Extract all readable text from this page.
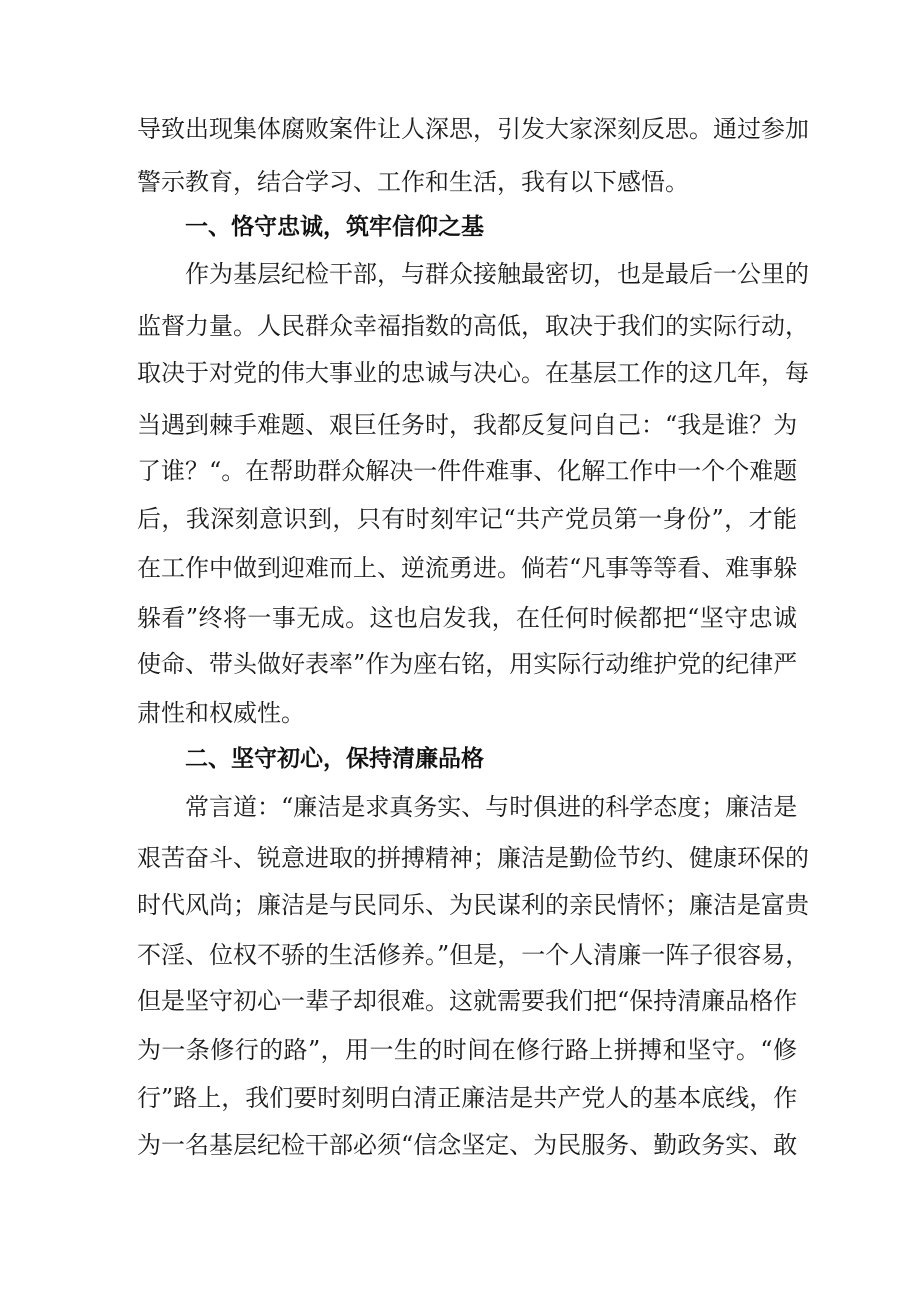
导致出现集体腐败案件让人深思，引发大家深刻反思。通过参加
警示教育，结合学习、工作和生活，我有以下感悟。
一、恪守忠诚，筑牢信仰之基
作为基层纪检干部，与群众接触最密切，也是最后一公里的
监督力量。人民群众幸福指数的高低，取决于我们的实际行动，
取决于对党的伟大事业的忠诚与决心。在基层工作的这几年，每
当遇到棘手难题、艰巨任务时，我都反复问自己：“我是谁？为
了谁？“。在帮助群众解决一件件难事、化解工作中一个个难题
后，我深刻意识到，只有时刻牢记“共产党员第一身份”，才能
在工作中做到迎难而上、逆流勇进。倘若“凡事等等看、难事躲
躲看”终将一事无成。这也启发我，在任何时候都把“坚守忠诚
使命、带头做好表率”作为座右铭，用实际行动维护党的纪律严
肃性和权威性。
二、坚守初心，保持清廉品格
常言道：“廉洁是求真务实、与时俱进的科学态度；廉洁是
艰苦奋斗、锐意进取的拼搏精神；廉洁是勤俭节约、健康环保的
时代风尚；廉洁是与民同乐、为民谋利的亲民情怀；廉洁是富贵
不淫、位权不骄的生活修养。”但是，一个人清廉一阵子很容易，
但是坚守初心一辈子却很难。这就需要我们把“保持清廉品格作
为一条修行的路”，用一生的时间在修行路上拼搏和坚守。“修
行”路上，我们要时刻明白清正廉洁是共产党人的基本底线，作
为一名基层纪检干部必须“信念坚定、为民服务、勤政务实、敢
